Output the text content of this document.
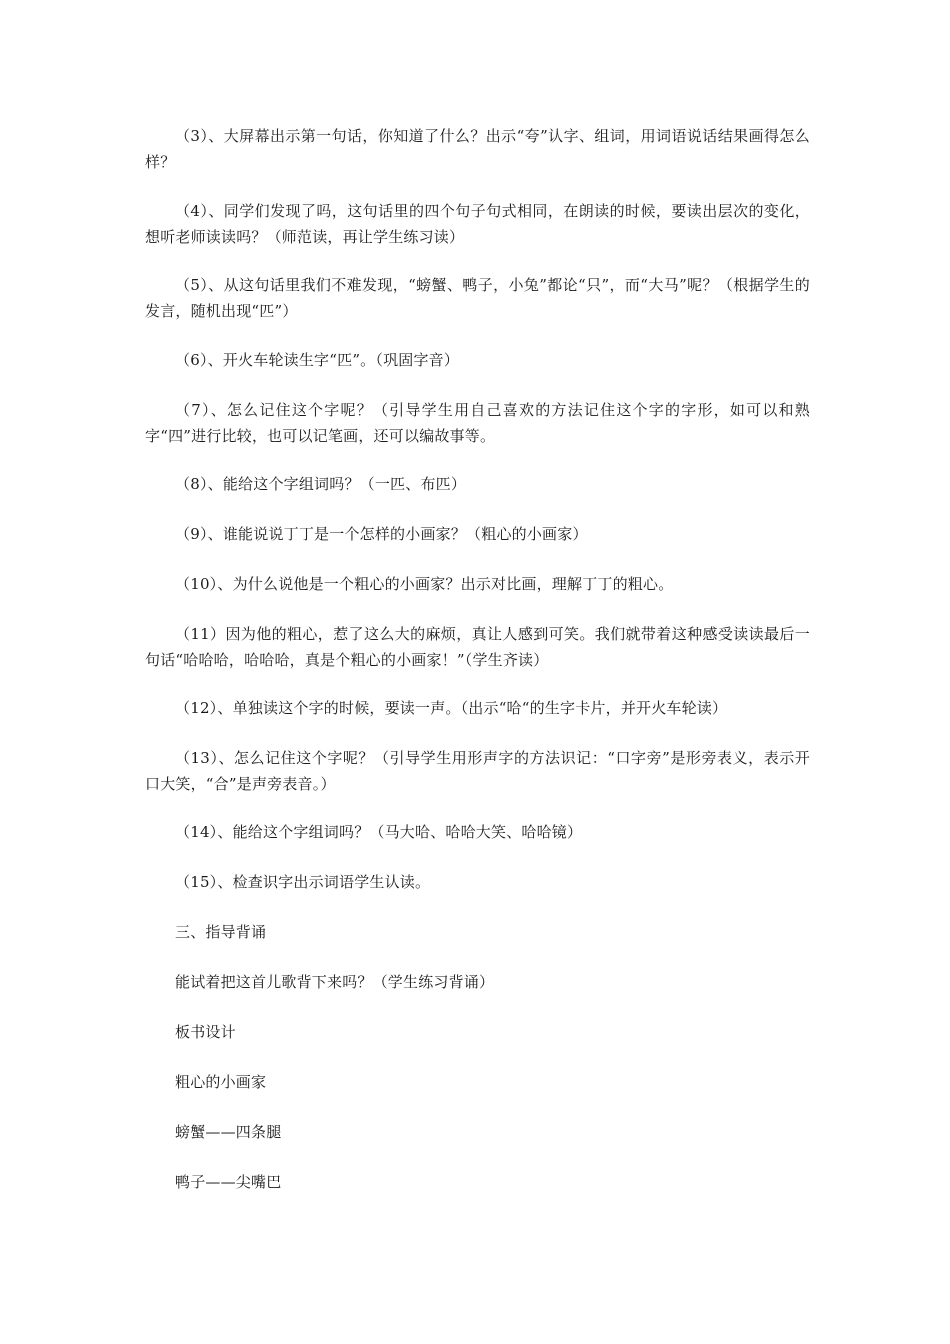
（3）、大屏幕出示第一句话，你知道了什么？出示“夸”认字、组词，用词语说话结果画得怎么样？

（4）、同学们发现了吗，这句话里的四个句子句式相同，在朗读的时候，要读出层次的变化，想听老师读读吗？（师范读，再让学生练习读）

（5）、从这句话里我们不难发现，“螃蟹、鸭子，小兔”都论“只”，而“大马”呢？（根据学生的发言，随机出现“匹”）

（6）、开火车轮读生字“匹”。（巩固字音）

（7）、怎么记住这个字呢？（引导学生用自己喜欢的方法记住这个字的字形，如可以和熟字“四”进行比较，也可以记笔画，还可以编故事等。

（8）、能给这个字组词吗？（一匹、布匹）

（9）、谁能说说丁丁是一个怎样的小画家？（粗心的小画家）

（10）、为什么说他是一个粗心的小画家？出示对比画，理解丁丁的粗心。

（11）因为他的粗心，惹了这么大的麻烦，真让人感到可笑。我们就带着这种感受读读最后一句话“哈哈哈，哈哈哈，真是个粗心的小画家！”（学生齐读）

（12）、单独读这个字的时候，要读一声。（出示“哈“的生字卡片，并开火车轮读）

（13）、怎么记住这个字呢？（引导学生用形声字的方法识记：“口字旁”是形旁表义，表示开口大笑，“合”是声旁表音。）

（14）、能给这个字组词吗？（马大哈、哈哈大笑、哈哈镜）

（15）、检查识字出示词语学生认读。

三、指导背诵

能试着把这首儿歌背下来吗？（学生练习背诵）

板书设计

粗心的小画家

螃蟹——四条腿

鸭子——尖嘴巴
